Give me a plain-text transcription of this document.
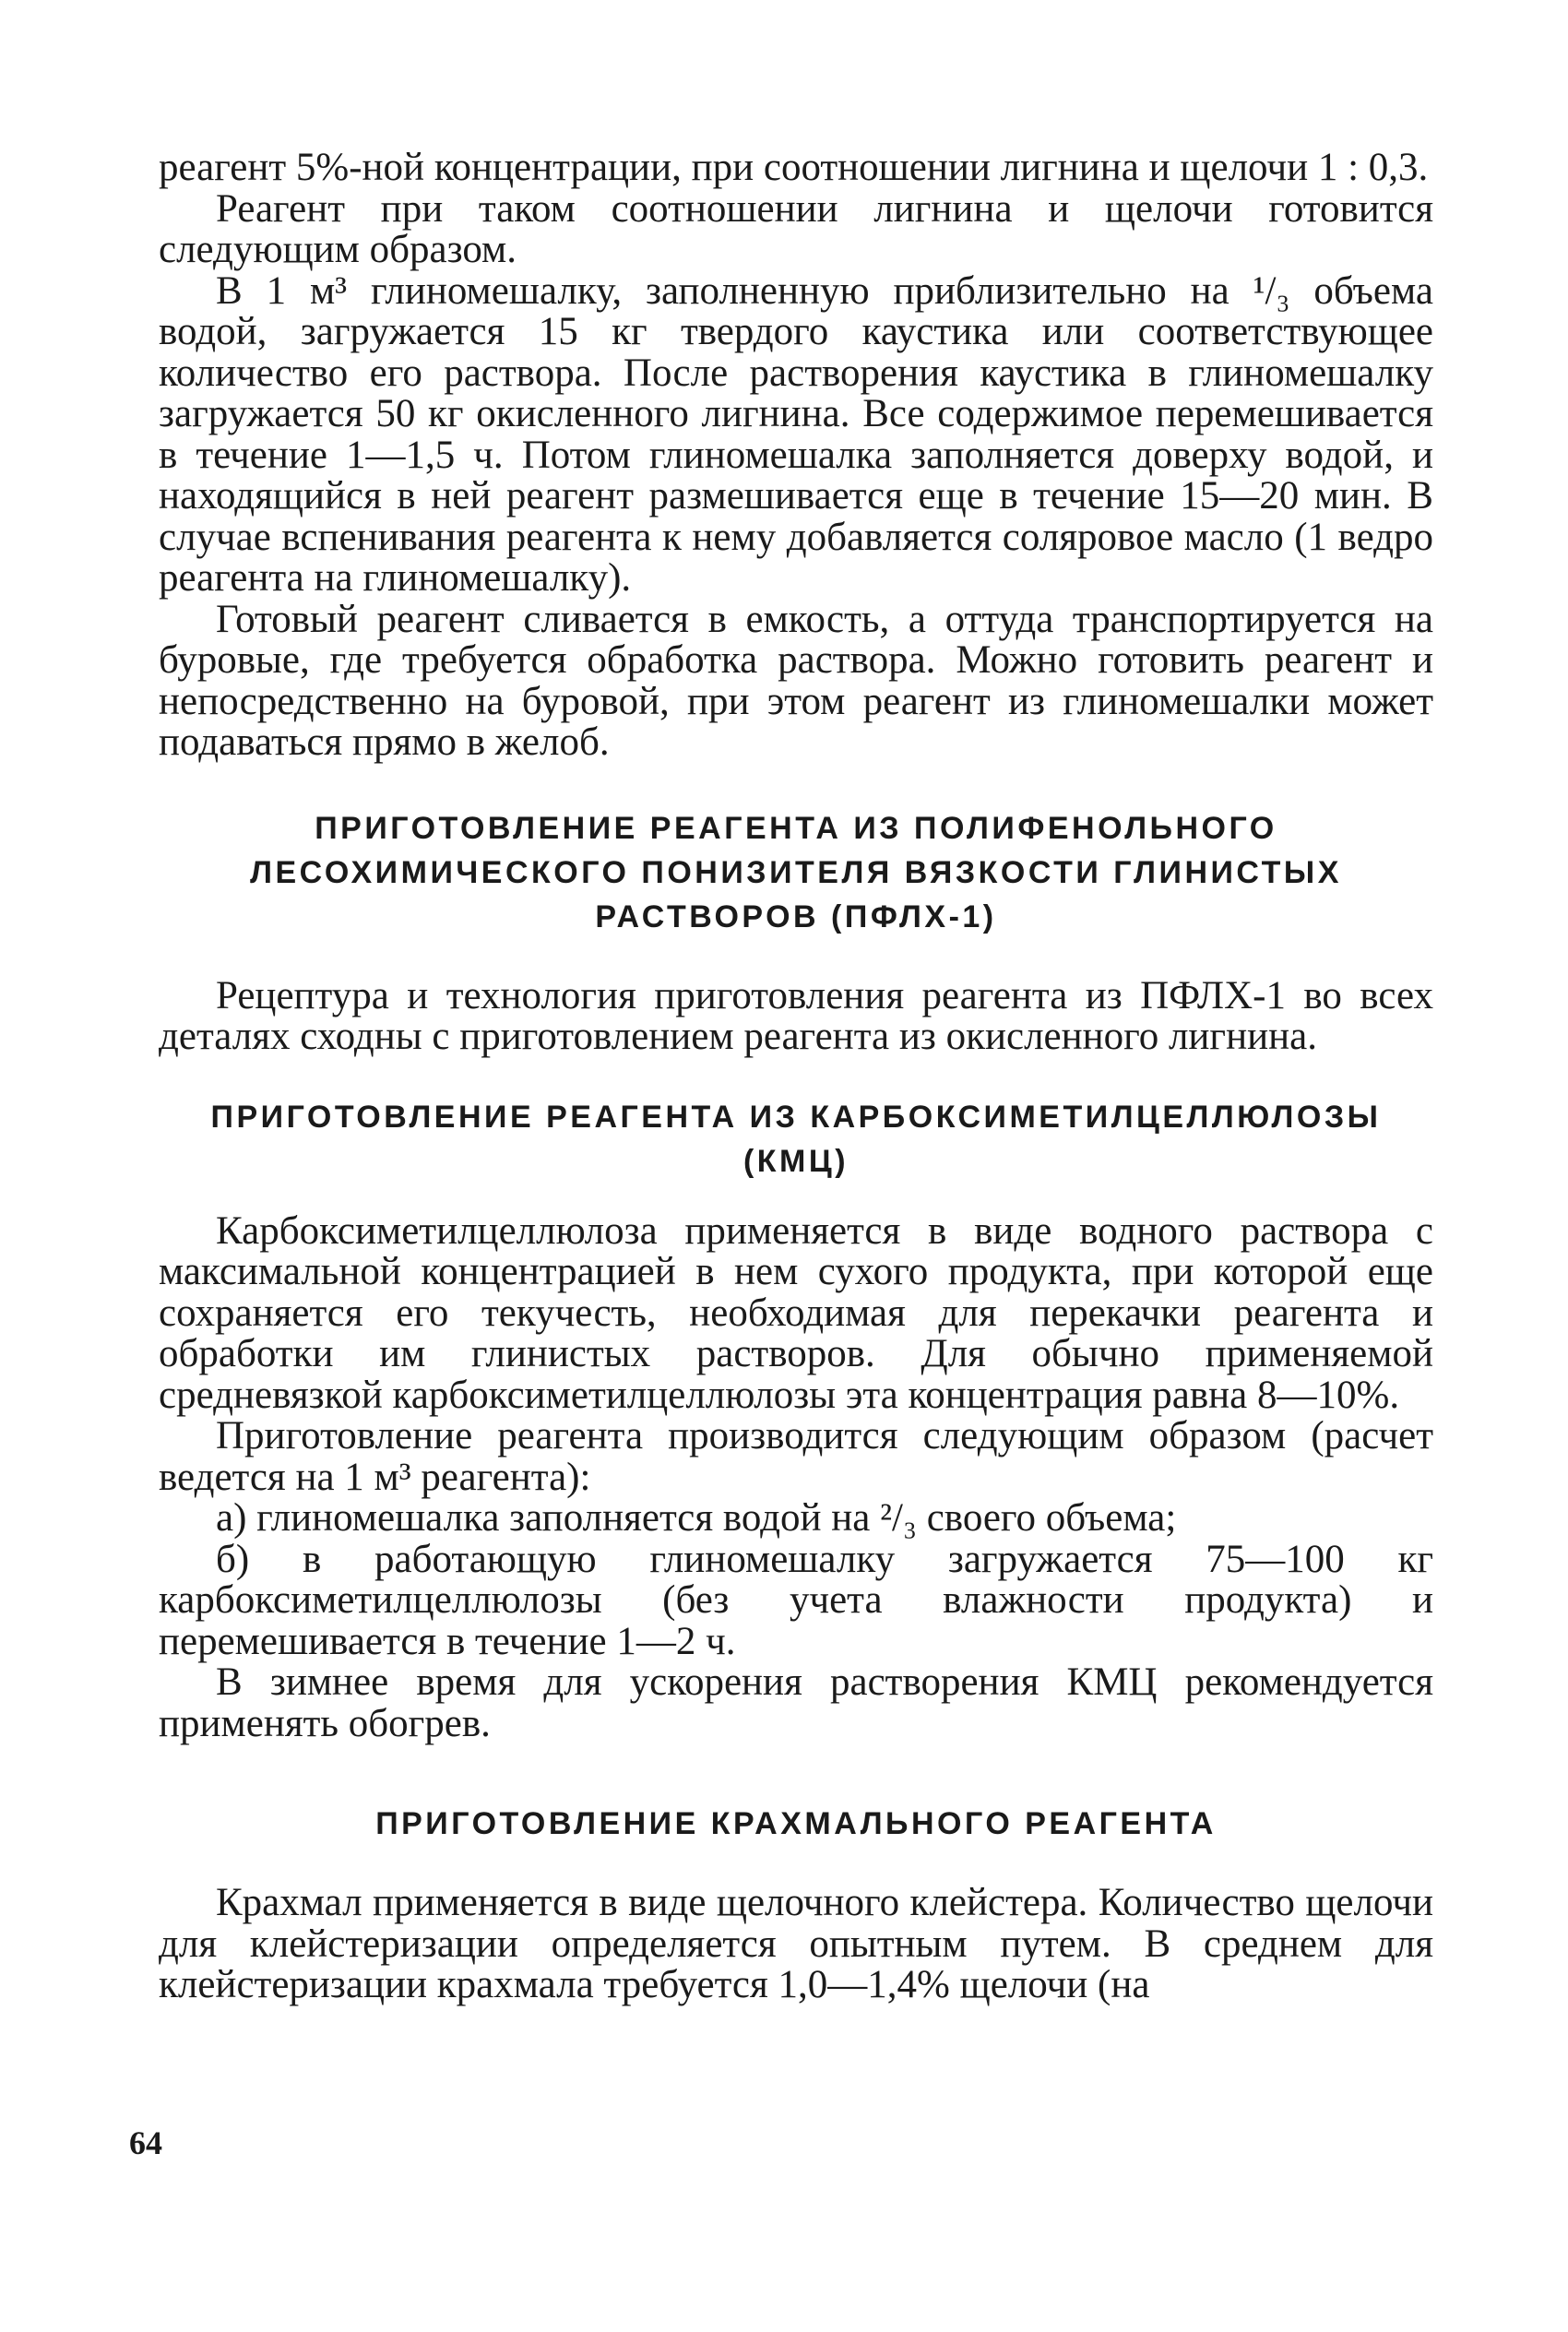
реагент 5%-ной концентрации, при соотношении лигнина и щелочи 1 : 0,3.

Реагент при таком соотношении лигнина и щелочи готовится следующим образом.

В 1 м³ глиномешалку, заполненную приблизительно на ¹/₃ объема водой, загружается 15 кг твердого каустика или соответствующее количество его раствора. После растворения каустика в глиномешалку загружается 50 кг окисленного лигнина. Все содержимое перемешивается в течение 1—1,5 ч. Потом глиномешалка заполняется доверху водой, и находящийся в ней реагент размешивается еще в течение 15—20 мин. В случае вспенивания реагента к нему добавляется соляровое масло (1 ведро реагента на глиномешалку).

Готовый реагент сливается в емкость, а оттуда транспортируется на буровые, где требуется обработка раствора. Можно готовить реагент и непосредственно на буровой, при этом реагент из глиномешалки может подаваться прямо в желоб.

ПРИГОТОВЛЕНИЕ РЕАГЕНТА ИЗ ПОЛИФЕНОЛЬНОГО ЛЕСОХИМИЧЕСКОГО ПОНИЗИТЕЛЯ ВЯЗКОСТИ ГЛИНИСТЫХ РАСТВОРОВ (ПФЛХ-1)

Рецептура и технология приготовления реагента из ПФЛХ-1 во всех деталях сходны с приготовлением реагента из окисленного лигнина.

ПРИГОТОВЛЕНИЕ РЕАГЕНТА ИЗ КАРБОКСИМЕТИЛЦЕЛЛЮЛОЗЫ (КМЦ)

Карбоксиметилцеллюлоза применяется в виде водного раствора с максимальной концентрацией в нем сухого продукта, при которой еще сохраняется его текучесть, необходимая для перекачки реагента и обработки им глинистых растворов. Для обычно применяемой средневязкой карбоксиметилцеллюлозы эта концентрация равна 8—10%.

Приготовление реагента производится следующим образом (расчет ведется на 1 м³ реагента):

а) глиномешалка заполняется водой на ²/₃ своего объема;

б) в работающую глиномешалку загружается 75—100 кг карбоксиметилцеллюлозы (без учета влажности продукта) и перемешивается в течение 1—2 ч.

В зимнее время для ускорения растворения КМЦ рекомендуется применять обогрев.

ПРИГОТОВЛЕНИЕ КРАХМАЛЬНОГО РЕАГЕНТА

Крахмал применяется в виде щелочного клейстера. Количество щелочи для клейстеризации определяется опытным путем. В среднем для клейстеризации крахмала требуется 1,0—1,4% щелочи (на

64
